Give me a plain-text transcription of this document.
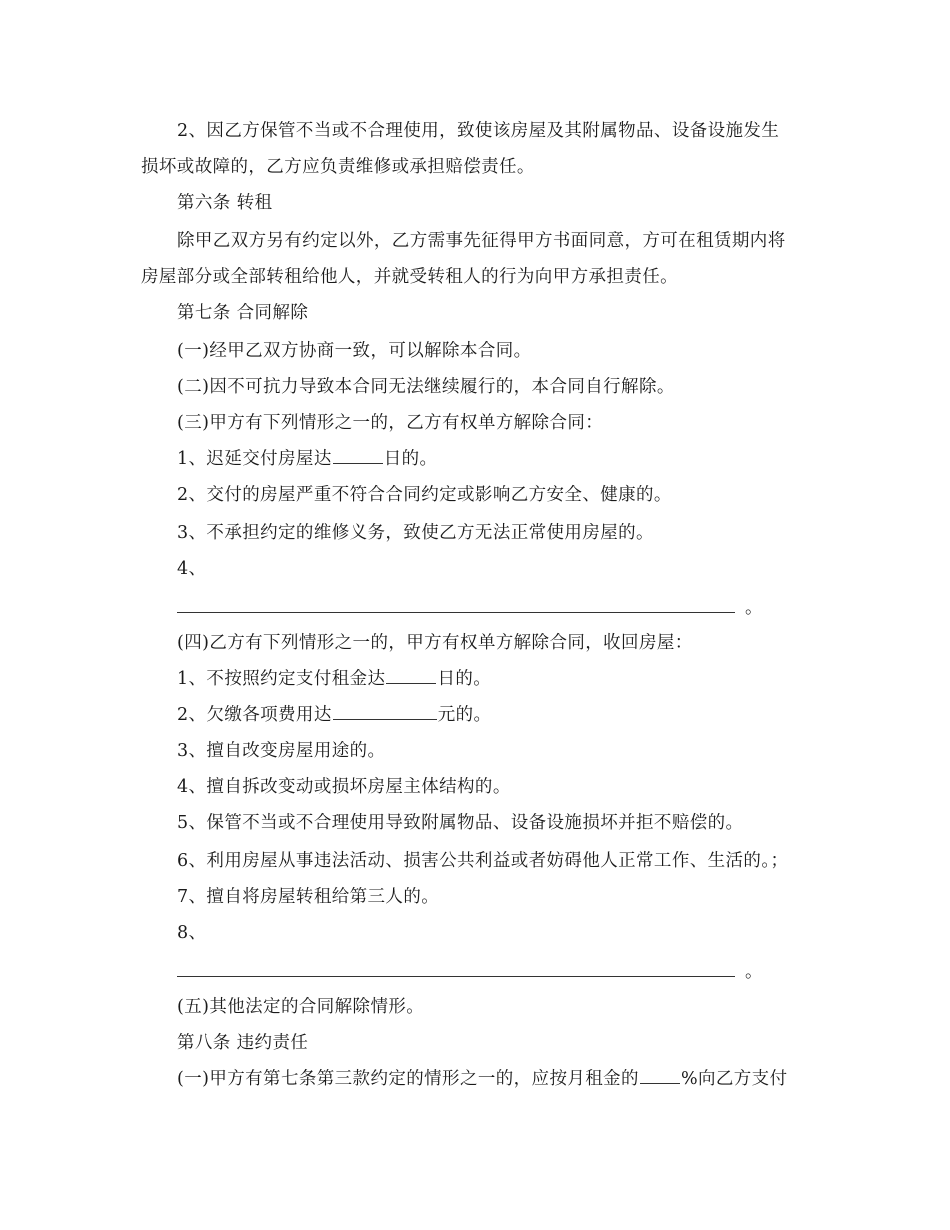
2、因乙方保管不当或不合理使用，致使该房屋及其附属物品、设备设施发生
损坏或故障的，乙方应负责维修或承担赔偿责任。
第六条 转租
除甲乙双方另有约定以外，乙方需事先征得甲方书面同意，方可在租赁期内将
房屋部分或全部转租给他人，并就受转租人的行为向甲方承担责任。
第七条 合同解除
(一)经甲乙双方协商一致，可以解除本合同。
(二)因不可抗力导致本合同无法继续履行的，本合同自行解除。
(三)甲方有下列情形之一的，乙方有权单方解除合同：
1、迟延交付房屋达	日的。
2、交付的房屋严重不符合合同约定或影响乙方安全、健康的。
3、不承担约定的维修义务，致使乙方无法正常使用房屋的。
4、
。
(四)乙方有下列情形之一的，甲方有权单方解除合同，收回房屋：
1、不按照约定支付租金达	日的。
2、欠缴各项费用达	元的。
3、擅自改变房屋用途的。
4、擅自拆改变动或损坏房屋主体结构的。
5、保管不当或不合理使用导致附属物品、设备设施损坏并拒不赔偿的。
6、利用房屋从事违法活动、损害公共利益或者妨碍他人正常工作、生活的。；
7、擅自将房屋转租给第三人的。
8、
。
(五)其他法定的合同解除情形。
第八条 违约责任
(一)甲方有第七条第三款约定的情形之一的，应按月租金的 %向乙方支付
